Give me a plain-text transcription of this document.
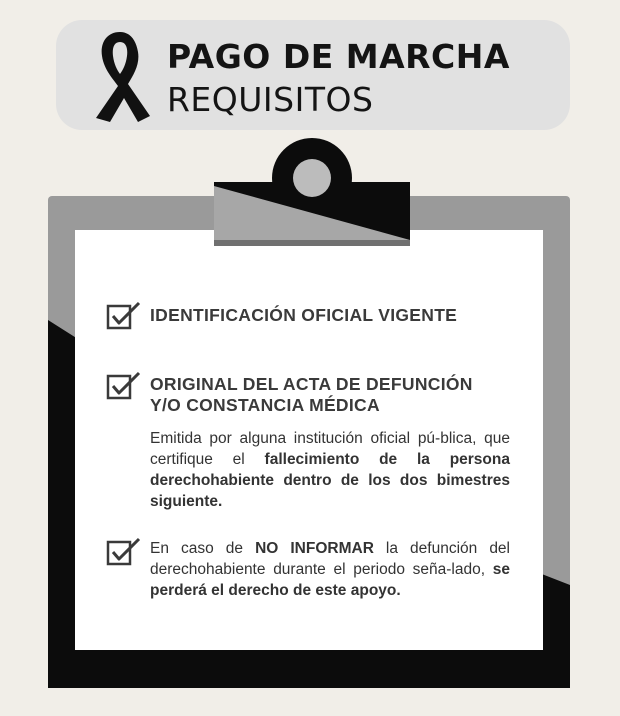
PAGO DE MARCHA
REQUISITOS
IDENTIFICACIÓN OFICIAL VIGENTE
ORIGINAL DEL ACTA DE DEFUNCIÓN
Y/O CONSTANCIA MÉDICA
Emitida por alguna institución oficial pú-blica, que certifique el fallecimiento de la persona derechohabiente dentro de los dos bimestres siguiente.
En caso de NO INFORMAR la defunción del derechohabiente durante el periodo seña-lado, se perderá el derecho de este apoyo.
